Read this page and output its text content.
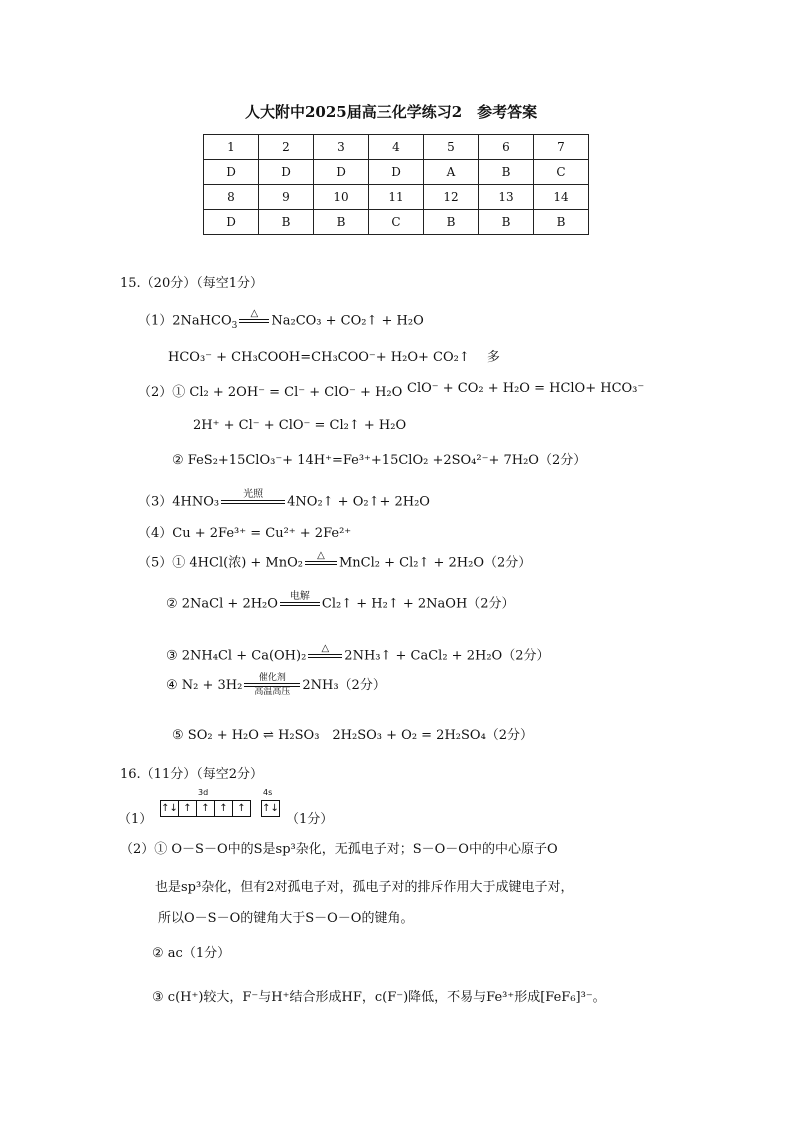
人大附中2025届高三化学练习2　参考答案
1	2	3	4	5	6	7
D	D	D	D	A	B	C
8	9	10	11	12	13	14
D	B	B	C	B	B	B
15.（20分）（每空1分）
（1）2NaHCO$_3$
△
	Na₂CO₃ + CO₂↑ + H₂O
HCO₃⁻ + CH₃COOH=CH₃COO⁻+ H₂O+ CO₂↑　 多
（2）① Cl₂ + 2OH⁻ = Cl⁻ + ClO⁻ + H₂O ClO⁻ + CO₂ + H₂O = HClO+ HCO₃⁻
2H⁺ + Cl⁻ + ClO⁻ = Cl₂↑ + H₂O
② FeS₂+15ClO₃⁻+ 14H⁺=Fe³⁺+15ClO₂ +2SO₄²⁻+ 7H₂O（2分）
（3）4HNO₃	光照
	4NO₂↑ + O₂↑+ 2H₂O
（4）Cu + 2Fe³⁺ = Cu²⁺ + 2Fe²⁺
（5）① 4HCl(浓) + MnO₂	△
	MnCl₂ + Cl₂↑ + 2H₂O（2分）
② 2NaCl + 2H₂O	电解
Cl₂↑ + H₂↑ + 2NaOH（2分）
③ 2NH₄Cl + Ca(OH)₂	△
	2NH₃↑ + CaCl₂ + 2H₂O（2分）
④ N₂ + 3H₂	催化剂
高温高压 2NH₃（2分）
⑤ SO₂ + H₂O ⇌ H₂SO₃　2H₂SO₃ + O₂ = 2H₂SO₄（2分）
16.（11分）（每空2分）
（1）
3d	4s
↑↓ ↑ ↑ ↑ ↑	↑↓
（1分）
（2）① O－S－O中的S是sp³杂化，无孤电子对；S－O－O中的中心原子O
也是sp³杂化，但有2对孤电子对，孤电子对的排斥作用大于成键电子对，
所以O－S－O的键角大于S－O－O的键角。
② ac（1分）
③ c(H⁺)较大，F⁻与H⁺结合形成HF，c(F⁻)降低，不易与Fe³⁺形成[FeF₆]³⁻。
